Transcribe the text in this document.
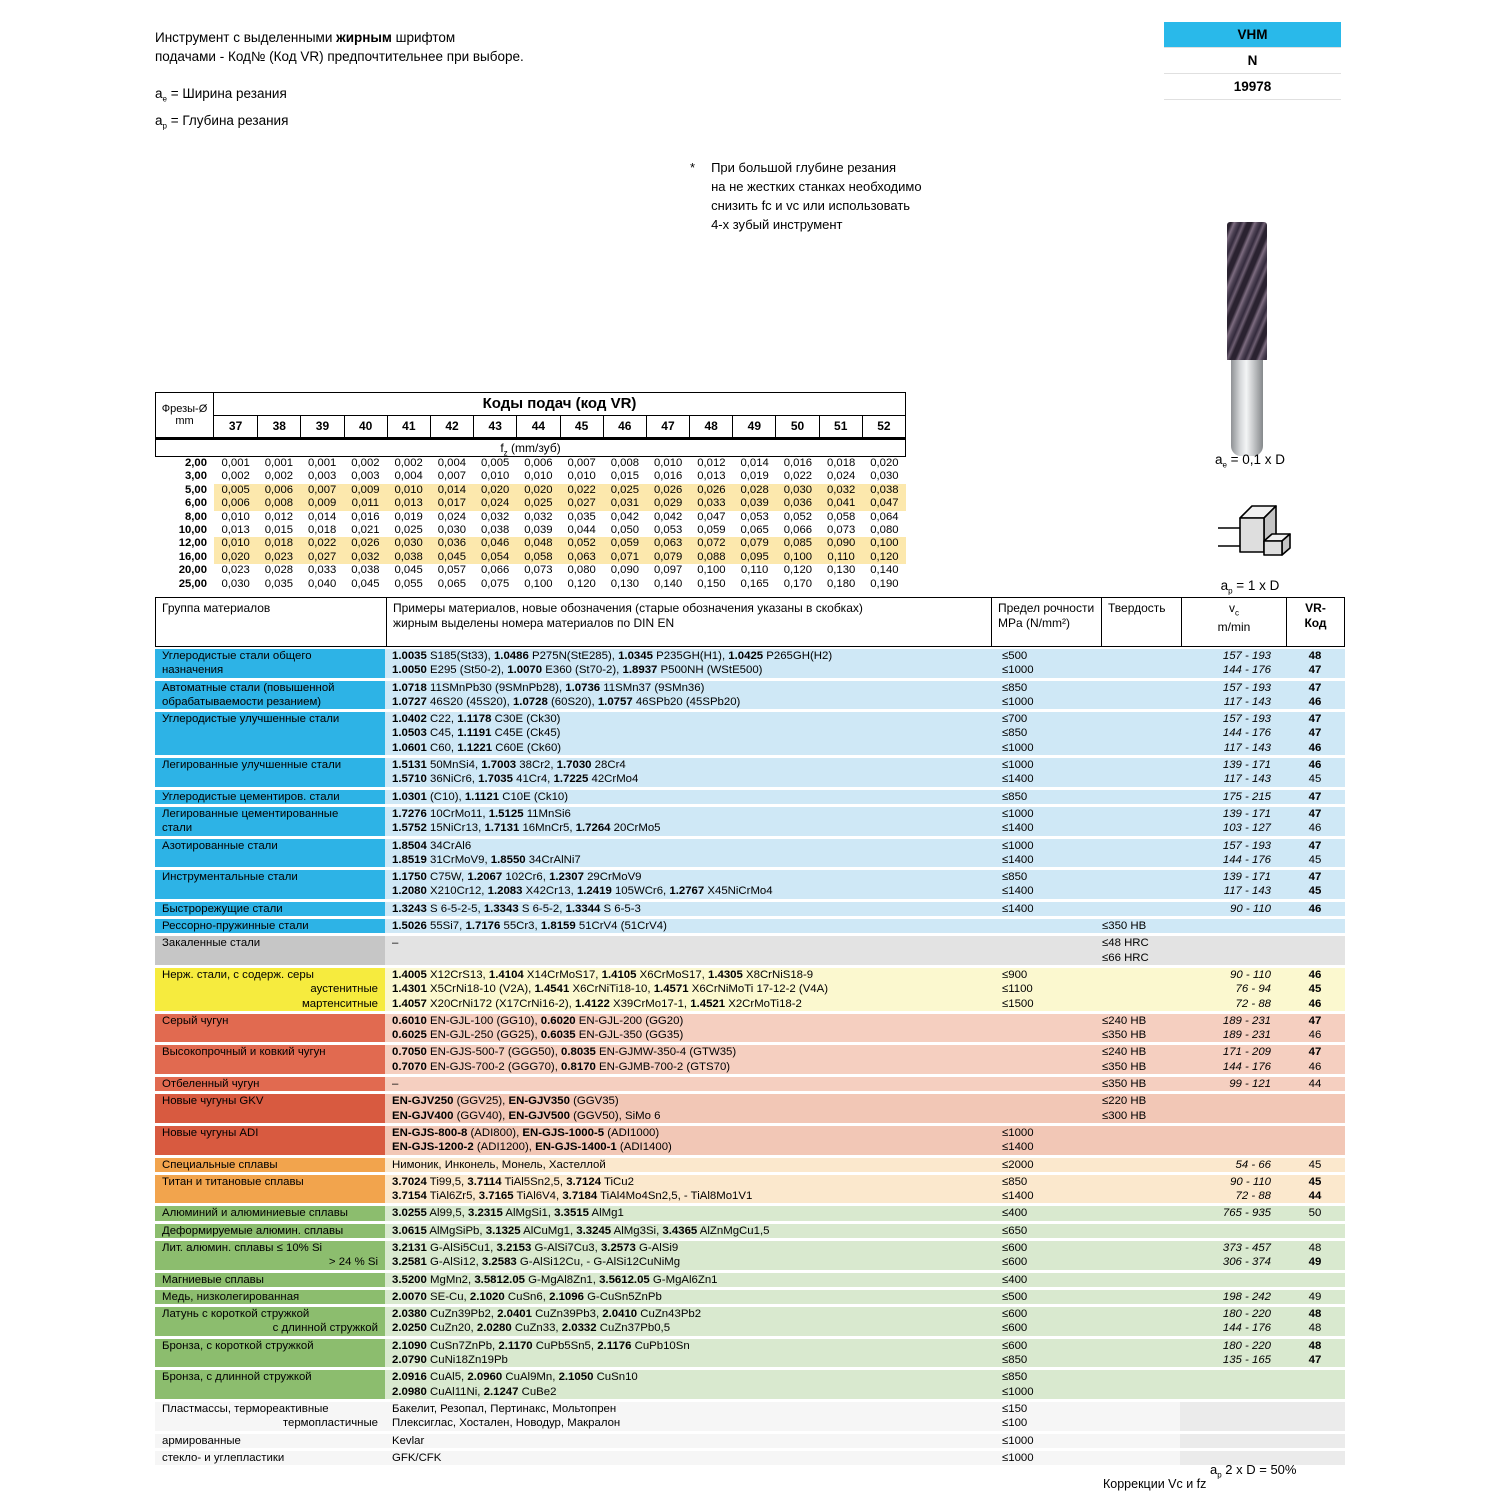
Инструмент с выделенными жирным шрифтом
подачами - Код№ (Код VR) предпочтительнее при выборе.
$a_e$ = Ширина резания
$a_p$ = Глубина резания
* При большой глубине резания
на не жестких станках необходимо
снизить fc и vc или использовать
4-х зубый инструмент
VHM
N
19978
$a_e = 0,1$ x D
$a_p = 1$ x D
Фрезы-Ø
mm
Коды подач (код VR)
37	38	39	40	41	42	43	44	45	46	47	48	49	50	51	52
$f_z$ (mm/зуб)
2,00	0,001	0,001	0,001	0,002	0,002	0,004	0,005	0,006	0,007	0,008	0,010	0,012	0,014	0,016	0,018	0,020
3,00	0,002	0,002	0,003	0,003	0,004	0,007	0,010	0,010	0,010	0,015	0,016	0,013	0,019	0,022	0,024	0,030
5,00	0,005	0,006	0,007	0,009	0,010	0,014	0,020	0,020	0,022	0,025	0,026	0,026	0,028	0,030	0,032	0,038
6,00	0,006	0,008	0,009	0,011	0,013	0,017	0,024	0,025	0,027	0,031	0,029	0,033	0,039	0,036	0,041	0,047
8,00	0,010	0,012	0,014	0,016	0,019	0,024	0,032	0,032	0,035	0,042	0,042	0,047	0,053	0,052	0,058	0,064
10,00	0,013	0,015	0,018	0,021	0,025	0,030	0,038	0,039	0,044	0,050	0,053	0,059	0,065	0,066	0,073	0,080
12,00	0,010	0,018	0,022	0,026	0,030	0,036	0,046	0,048	0,052	0,059	0,063	0,072	0,079	0,085	0,090	0,100
16,00	0,020	0,023	0,027	0,032	0,038	0,045	0,054	0,058	0,063	0,071	0,079	0,088	0,095	0,100	0,110	0,120
20,00	0,023	0,028	0,033	0,038	0,045	0,057	0,066	0,073	0,080	0,090	0,097	0,100	0,110	0,120	0,130	0,140
25,00	0,030	0,035	0,040	0,045	0,055	0,065	0,075	0,100	0,120	0,130	0,140	0,150	0,165	0,170	0,180	0,190
Группа материалов	Примеры материалов, новые обозначения (старые обозначения указаны в скобках)
жирным выделены номера материалов по DIN EN
Предел рочности
MPa (N/mm²)
Твердость	$v_c$
m/min
VR-
Код
Углеродистые стали общего
назначения
1.0035 S185(St33), 1.0486 P275N(StE285), 1.0345 P235GH(H1), 1.0425 P265GH(H2)	≤500	157 - 193	48
1.0050 E295 (St50-2), 1.0070 E360 (St70-2), 1.8937 P500NH (WStE500)	≤1000	144 - 176	47
Автоматные стали (повышенной
обрабатываемости резанием)
1.0718 11SMnPb30 (9SMnPb28), 1.0736 11SMn37 (9SMn36)	≤850	157 - 193	47
1.0727 46S20 (45S20), 1.0728 (60S20), 1.0757 46SPb20 (45SPb20)	≤1000	117 - 143	46
Углеродистые улучшенные стали	1.0402 C22, 1.1178 C30E (Ck30)	≤700	157 - 193	47
1.0503 C45, 1.1191 C45E (Ck45)	≤850	144 - 176	47
1.0601 C60, 1.1221 C60E (Ck60)	≤1000	117 - 143	46
Легированные улучшенные стали	1.5131 50MnSi4, 1.7003 38Cr2, 1.7030 28Cr4	≤1000	139 - 171	46
1.5710 36NiCr6, 1.7035 41Cr4, 1.7225 42CrMo4	≤1400	117 - 143	45
Углеродистые цементиров. стали	1.0301 (C10), 1.1121 C10E (Ck10)	≤850	175 - 215	47
Легированные цементированные
стали
1.7276 10CrMo11, 1.5125 11MnSi6	≤1000	139 - 171	47
1.5752 15NiCr13, 1.7131 16MnCr5, 1.7264 20CrMo5	≤1400	103 - 127	46
Азотированные стали	1.8504 34CrAl6	≤1000	157 - 193	47
1.8519 31CrMoV9, 1.8550 34CrAlNi7	≤1400	144 - 176	45
Инструментальные стали	1.1750 C75W, 1.2067 102Cr6, 1.2307 29CrMoV9	≤850	139 - 171	47
1.2080 X210Cr12, 1.2083 X42Cr13, 1.2419 105WCr6, 1.2767 X45NiCrMo4	≤1400	117 - 143	45
Быстрорежущие стали	1.3243 S 6-5-2-5, 1.3343 S 6-5-2, 1.3344 S 6-5-3	≤1400	90 - 110	46
Рессорно-пружинные стали	1.5026 55Si7, 1.7176 55Cr3, 1.8159 51CrV4 (51CrV4)	≤350 HB
Закаленные стали	–	≤48 HRC
≤66 HRC
Нерж. стали, с содерж. серы
аустенитные
мартенситные
1.4005 X12CrS13, 1.4104 X14CrMoS17, 1.4105 X6CrMoS17, 1.4305 X8CrNiS18-9	≤900	90 - 110	46
1.4301 X5CrNi18-10 (V2A), 1.4541 X6CrNiTi18-10, 1.4571 X6CrNiMoTi 17-12-2 (V4A)	≤1100	76 - 94	45
1.4057 X20CrNi172 (X17CrNi16-2), 1.4122 X39CrMo17-1, 1.4521 X2CrMoTi18-2	≤1500	72 - 88	46
Серый чугун	0.6010 EN-GJL-100 (GG10), 0.6020 EN-GJL-200 (GG20)	≤240 HB	189 - 231	47
0.6025 EN-GJL-250 (GG25), 0.6035 EN-GJL-350 (GG35)	≤350 HB	189 - 231	46
Высокопрочный и ковкий чугун	0.7050 EN-GJS-500-7 (GGG50), 0.8035 EN-GJMW-350-4 (GTW35)	≤240 HB	171 - 209	47
0.7070 EN-GJS-700-2 (GGG70), 0.8170 EN-GJMB-700-2 (GTS70)	≤350 HB	144 - 176	46
Отбеленный чугун	–	≤350 HB	99 - 121	44
Новые чугуны GKV	EN-GJV250 (GGV25), EN-GJV350 (GGV35)	≤220 HB
EN-GJV400 (GGV40), EN-GJV500 (GGV50), SiMo 6	≤300 HB
Новые чугуны ADI	EN-GJS-800-8 (ADI800), EN-GJS-1000-5 (ADI1000)	≤1000
EN-GJS-1200-2 (ADI1200), EN-GJS-1400-1 (ADI1400)	≤1400
Специальные сплавы	Нимоник, Инконель, Монель, Хастеллой	≤2000	54 - 66	45
Титан и титановые сплавы	3.7024 Ti99,5, 3.7114 TiAl5Sn2,5, 3.7124 TiCu2	≤850	90 - 110	45
3.7154 TiAl6Zr5, 3.7165 TiAl6V4, 3.7184 TiAl4Mo4Sn2,5, - TiAl8Mo1V1	≤1400	72 - 88	44
Алюминий и алюминиевые сплавы	3.0255 Al99,5, 3.2315 AlMgSi1, 3.3515 AlMg1	≤400	765 - 935	50
Деформируемые алюмин. сплавы	3.0615 AlMgSiPb, 3.1325 AlCuMg1, 3.3245 AlMg3Si, 3.4365 AlZnMgCu1,5	≤650
Лит. алюмин. сплавы ≤ 10% Si
> 24 % Si
3.2131 G-AlSi5Cu1, 3.2153 G-AlSi7Cu3, 3.2573 G-AlSi9	≤600	373 - 457	48
3.2581 G-AlSi12, 3.2583 G-AlSi12Cu, - G-AlSi12CuNiMg	≤600	306 - 374	49
Магниевые сплавы	3.5200 MgMn2, 3.5812.05 G-MgAl8Zn1, 3.5612.05 G-MgAl6Zn1	≤400
Медь, низколегированная	2.0070 SE-Cu, 2.1020 CuSn6, 2.1096 G-CuSn5ZnPb	≤500	198 - 242	49
Латунь с короткой стружкой
с длинной стружкой
2.0380 CuZn39Pb2, 2.0401 CuZn39Pb3, 2.0410 CuZn43Pb2	≤600	180 - 220	48
2.0250 CuZn20, 2.0280 CuZn33, 2.0332 CuZn37Pb0,5	≤600	144 - 176	48
Бронза, с короткой стружкой	2.1090 CuSn7ZnPb, 2.1170 CuPb5Sn5, 2.1176 CuPb10Sn	≤600	180 - 220	48
2.0790 CuNi18Zn19Pb	≤850	135 - 165	47
Бронза, с длинной стружкой	2.0916 CuAl5, 2.0960 CuAl9Mn, 2.1050 CuSn10	≤850
2.0980 CuAl11Ni, 2.1247 CuBe2	≤1000
Пластмассы, термореактивные
термопластичные
Бакелит, Резопал, Пертинакс, Мольтопрен	≤150
Плексиглас, Хостален, Новодур, Макралон	≤100
армированные	Kevlar	≤1000
стекло- и углепластики	GFK/CFK	≤1000
Коррекции Vc и fz
$a_p$ 2 x D = 50%
